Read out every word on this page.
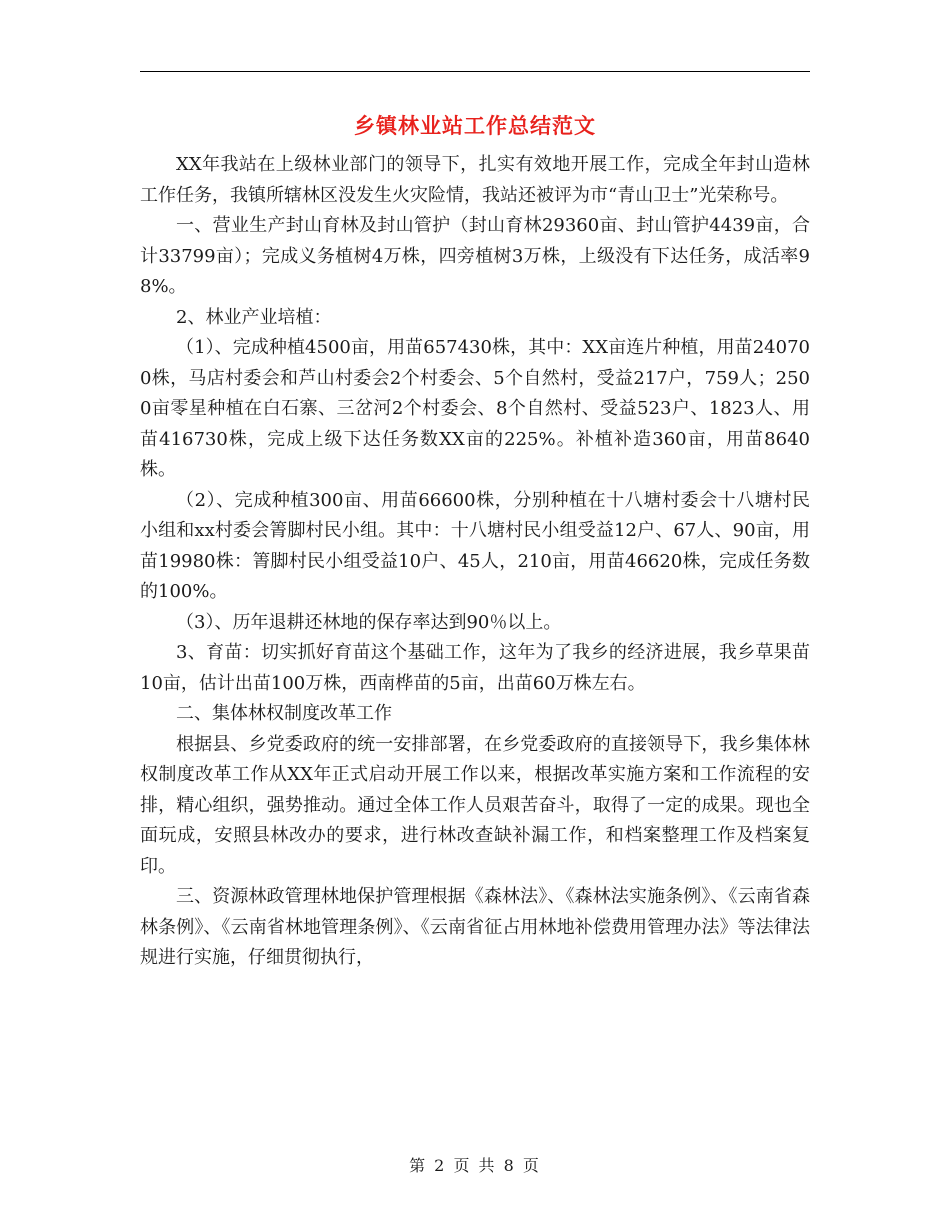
乡镇林业站工作总结范文

XX年我站在上级林业部门的领导下，扎实有效地开展工作，完成全年封山造林工作任务，我镇所辖林区没发生火灾险情，我站还被评为市“青山卫士”光荣称号。

一、营业生产封山育林及封山管护（封山育林29360亩、封山管护4439亩，合计33799亩）；完成义务植树4万株，四旁植树3万株，上级没有下达任务，成活率98%。

2、林业产业培植：

（1）、完成种植4500亩，用苗657430株，其中：XX亩连片种植，用苗240700株，马店村委会和芦山村委会2个村委会、5个自然村，受益217户，759人；2500亩零星种植在白石寨、三岔河2个村委会、8个自然村、受益523户、1823人、用苗416730株，完成上级下达任务数XX亩的225%。补植补造360亩，用苗8640株。

（2）、完成种植300亩、用苗66600株，分别种植在十八塘村委会十八塘村民小组和xx村委会箐脚村民小组。其中：十八塘村民小组受益12户、67人、90亩，用苗19980株：箐脚村民小组受益10户、45人，210亩，用苗46620株，完成任务数的100%。

（3）、历年退耕还林地的保存率达到90％以上。

3、育苗：切实抓好育苗这个基础工作，这年为了我乡的经济进展，我乡草果苗10亩，估计出苗100万株，西南桦苗的5亩，出苗60万株左右。

二、集体林权制度改革工作

根据县、乡党委政府的统一安排部署，在乡党委政府的直接领导下，我乡集体林权制度改革工作从XX年正式启动开展工作以来，根据改革实施方案和工作流程的安排，精心组织，强势推动。通过全体工作人员艰苦奋斗，取得了一定的成果。现也全面玩成，安照县林改办的要求，进行林改查缺补漏工作，和档案整理工作及档案复印。

三、资源林政管理林地保护管理根据《森林法》、《森林法实施条例》、《云南省森林条例》、《云南省林地管理条例》、《云南省征占用林地补偿费用管理办法》等法律法规进行实施，仔细贯彻执行，

第 2 页 共 8 页
